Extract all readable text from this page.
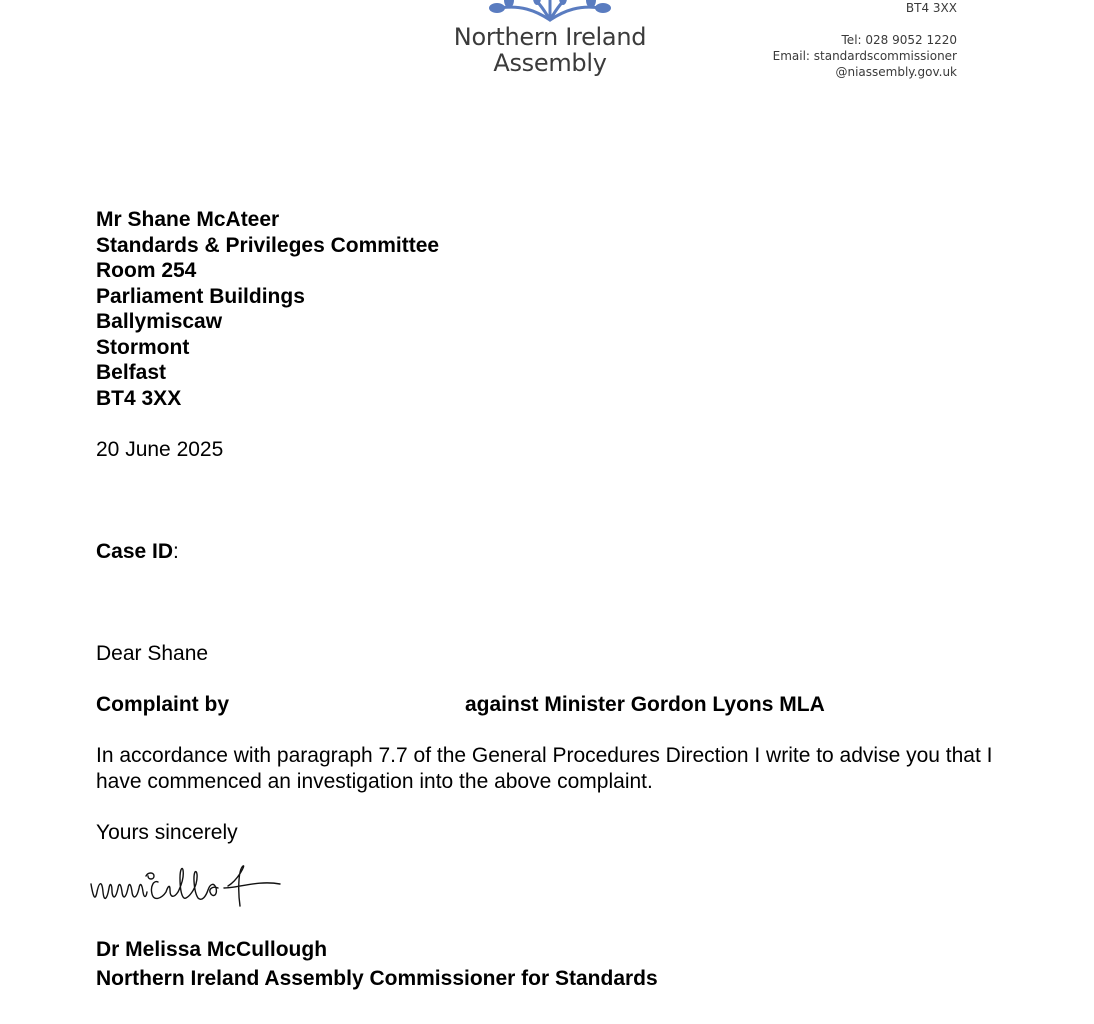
Northern Ireland
Assembly
BT4 3XX
Tel: 028 9052 1220
Email: standardscommissioner
@niassembly.gov.uk
Mr Shane McAteer
Standards & Privileges Committee
Room 254
Parliament Buildings
Ballymiscaw
Stormont
Belfast
BT4 3XX
20 June 2025
Case ID:
Dear Shane
Complaint by	against Minister Gordon Lyons MLA
In accordance with paragraph 7.7 of the General Procedures Direction I write to advise you that I have commenced an investigation into the above complaint.
Yours sincerely
Dr Melissa McCullough
Northern Ireland Assembly Commissioner for Standards
